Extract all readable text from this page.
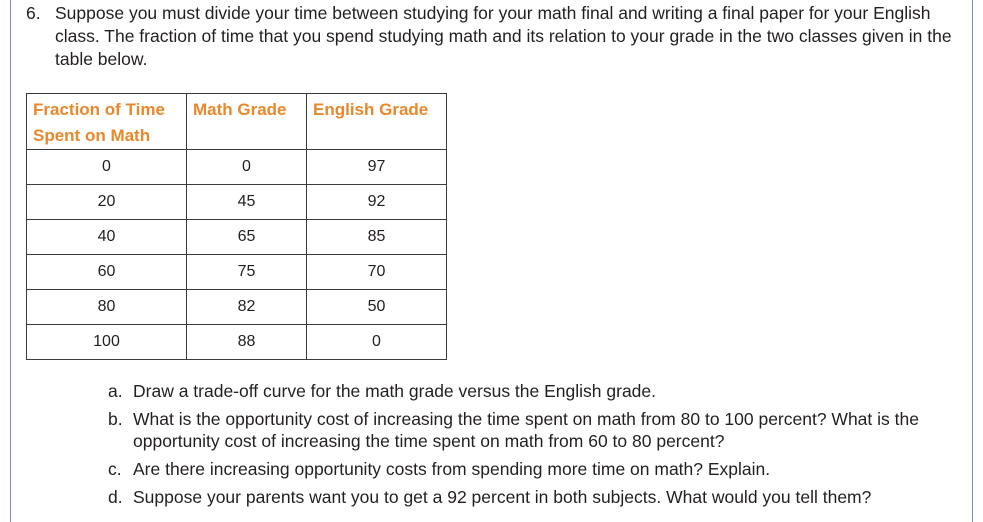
6. Suppose you must divide your time between studying for your math final and writing a final paper for your English class. The fraction of time that you spend studying math and its relation to your grade in the two classes given in the table below.
Fraction of Time Spent on Math	Math Grade	English Grade
0	0	97
20	45	92
40	65	85
60	75	70
80	82	50
100	88	0
a. Draw a trade-off curve for the math grade versus the English grade.
b. What is the opportunity cost of increasing the time spent on math from 80 to 100 percent? What is the opportunity cost of increasing the time spent on math from 60 to 80 percent?
c. Are there increasing opportunity costs from spending more time on math? Explain.
d. Suppose your parents want you to get a 92 percent in both subjects. What would you tell them?
